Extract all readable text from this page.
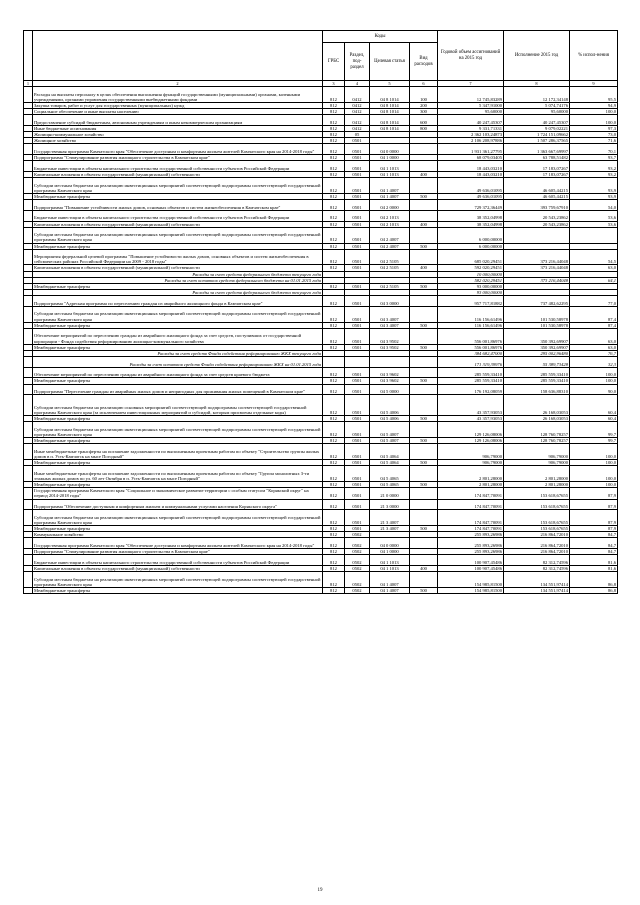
		Коды				Годовой объем ассигнований на 2015 год	Исполнение 2015 год	% испол-нения
		ГРБС	Раздел, под-раздел	Целевая статья	Вид расходов			
1	2	3	4	5	6	7	8	9
	Расходы на выплаты персоналу в целях обеспечения выполнения функций государственными (муниципальными) органами, казенными учреждениями, органами управления государственными внебюджетными фондами	812	0412	04 8 1014	100	12 745,83289	12 172,34148	95,5
	Закупка товаров, работ и услуг для государственных (муниципальных) нужд	812	0412	04 8 1014	200	5 347,91000	5 074,74176	94,9
	Социальное обеспечение и иные выплаты населению	812	0412	04 8 1014	300	95,60000	95,60000	100,0
	Предоставление субсидий бюджетным, автономным учреждениям и иным некоммерческим организациям	812	0412	04 8 1014	600	40 247,45307	40 247,45307	100,0
	Иные бюджетные ассигнования	812	0412	04 8 1014	800	9 331,71331	9 079,02221	97,3
	Жилищно-коммунальное хозяйство	812	05			2 362 103,24873	1 724 151,09662	73,0
	Жилищное хозяйство	812	0501			2 106 208,97886	1 507 286,37565	71,6
	Государственная программа Камчатского края "Обеспечение доступным и комфортным жильем жителей Камчатского края на 2014-2018 годы"	812	0501	04 0 0000		1 931 361,27795	1 363 667,69997	70,1
	Подпрограмма "Стимулирование развития жилищного строительства в Камчатском крае"	812	0501	04 1 0000		68 079,03405	63 788,51482	93,7
	Бюджетные инвестиции в объекты капитального строительства государственной собственности субъектов Российской Федерации	812	0501	04 1 1013		18 443,03210	17 183,07267	93,2
	Капитальные вложения в объекты государственной (муниципальной) собственности	812	0501	04 1 1013	400	18 443,03210	17 183,07267	93,2
	Субсидии местным бюджетам на реализацию инвестиционных мероприятий соответствующей подпрограммы соответствующей государственной программы Камчатского края	812	0501	04 1 4007		49 636,01095	46 605,44215	93,9
	Межбюджетные трансферты	812	0501	04 1 4007	500	49 636,01095	46 605,44215	93,9
	Подпрограмма "Повышение устойчивости жилых домов, основных объектов и систем жизнеобеспечения в Камчатском крае"	812	0501	04 2 0000		729 372,36449	393 759,67910	54,0
	Бюджетные инвестиции в объекты капитального строительства государственной собственности субъектов Российской Федерации	812	0501	04 2 1013		38 352,04998	20 543,23862	53,6
	Капитальные вложения в объекты государственной (муниципальной) собственности	812	0501	04 2 1013	400	38 352,04998	20 543,23862	53,6
	Субсидии местным бюджетам на реализацию инвестиционных мероприятий соответствующей подпрограммы соответствующей государственной программы Камчатского края	812	0501	04 2 4007		6 000,00000		
	Межбюджетные трансферты	812	0501	04 2 4007	500	6 000,00000		
	Мероприятия федеральной целевой программы "Повышение устойчивости жилых домов, основных объектов и систем жизнеобеспечения в сейсмических районах Российской Федерации на 2009 - 2018 годы"	812	0501	04 2 5105		685 020,29451	373 216,44048	54,5
	Капитальные вложения в объекты государственной (муниципальной) собственности	812	0501	04 2 5105	400	592 020,29451	373 216,44048	63,0
	Расходы за счет средств федерального бюджета текущего года					10 000,00000		
	Расходы за счет остатков средств федерального бюджета на 01.01.2015 года					582 020,29451	373 216,44048	64,1
	Межбюджетные трансферты	812	0501	04 2 5105	500	93 000,00000		
	Расходы за счет средств федерального бюджета текущего года					93 000,00000		
	Подпрограмма "Адресная программа по переселению граждан из аварийного жилищного фонда в Камчатском крае"	812	0501	04 3 0000		957 717,81882	737 482,62295	77,0
	Субсидии местным бюджетам на реализацию инвестиционных мероприятий соответствующей подпрограммы соответствующей государственной программы Камчатского края	812	0501	04 3 4007		116 156,61496	101 530,58978	87,4
	Межбюджетные трансферты	812	0501	04 3 4007	500	116 156,61496	101 530,58978	87,4
	Обеспечение мероприятий по переселению граждан из аварийного жилищного фонда за счет средств, поступивших от государственной корпорации - Фонда содействия реформированию жилищно-коммунального хозяйства	812	0501	04 3 9502		556 001,86976	350 392,69907	63,0
	Межбюджетные трансферты	812	0501	04 3 9502	500	556 001,86976	350 392,69907	63,0
	Расходы за счет средств Фонда содействия реформированию ЖКХ текущего года					384 682,47000	295 002,96480	76,7
	Расходы за счет остатков средств Фонда содействия реформированию ЖКХ на 01.01.2015 года					171 319,39976	55 389,73428	32,3
	Обеспечение мероприятий по переселению граждан из аварийного жилищного фонда за счет средств краевого бюджета	812	0501	04 3 9602		285 559,33410	285 559,33410	100,0
	Межбюджетные трансферты	812	0501	04 3 9602	500	285 559,33410	285 559,33410	100,0
	Подпрограмма "Переселение граждан из аварийных жилых домов и непригодных для проживания жилых помещений в Камчатском крае"	812	0501	04 5 0000		176 192,08059	158 636,88310	90,0
	Субсидии местным бюджетам на реализацию основных мероприятий соответствующей подпрограммы соответствующей государственной программы Камчатского края (за исключением инвестиционных мероприятий и субсидий, которым присвоены отдельные коды)	812	0501	04 5 4006		43 357,93053	26 168,03053	60,4
	Межбюджетные трансферты	812	0501	04 5 4006	500	43 357,93053	26 168,03053	60,4
	Субсидии местным бюджетам на реализацию инвестиционных мероприятий соответствующей подпрограммы соответствующей государственной программы Камчатского края	812	0501	04 5 4007		129 126,08006	128 760,78257	99,7
	Межбюджетные трансферты	812	0501	04 5 4007	500	129 126,08006	128 760,78257	99,7
	Иные межбюджетные трансферты на погашение задолженности по выполненным проектным работам по объекту "Строительство группы жилых домов в п. Усть-Камчатск на мысе Погодный"	812	0501	04 5 4064		906,79000	906,79000	100,0
	Межбюджетные трансферты	812	0501	04 5 4064	500	906,79000	906,79000	100,0
	Иные межбюджетные трансферты на погашение задолженности по выполненным проектным работам по объекту "Группа монолитных 3-ти этажных жилых домов по ул. 60 лет Октября в п. Усть-Камчатск на мысе Погодный"	812	0501	04 5 4065		2 801,28000	2 801,28000	100,0
	Межбюджетные трансферты	812	0501	04 5 4065	500	2 801,28000	2 801,28000	100,0
	Государственная программа Камчатского края "Социальное и экономическое развитие территории с особым статусом "Корякский округ" на период 2014-2018 годы"	812	0501	21 0 0000		174 847,70091	153 618,67655	87,9
	Подпрограмма "Обеспечение доступным и комфортным жильем и коммунальными услугами населения Корякского округа"	812	0501	21 3 0000		174 847,70091	153 618,67655	87,9
	Субсидии местным бюджетам на реализацию инвестиционных мероприятий соответствующей подпрограммы соответствующей государственной программы Камчатского края	812	0501	21 3 4007		174 847,70091	153 618,67655	87,9
	Межбюджетные трансферты	812	0501	21 3 4007	500	174 847,70091	153 618,67655	87,9
	Коммунальное хозяйство	812	0502			255 893,26986	216 864,72010	84,7
	Государственная программа Камчатского края "Обеспечение доступным и комфортным жильем жителей Камчатского края на 2014-2018 годы"	812	0502	04 0 0000		255 893,26986	216 864,72010	84,7
	Подпрограмма "Стимулирование развития жилищного строительства в Камчатском крае"	812	0502	04 1 0000		255 893,26986	216 864,72010	84,7
	Бюджетные инвестиции в объекты капитального строительства государственной собственности субъектов Российской Федерации	812	0502	04 1 1013		100 907,45486	82 312,74596	81,6
	Капитальные вложения в объекты государственной (муниципальной) собственности	812	0502	04 1 1013	400	100 907,45486	82 312,74596	81,6
	Субсидии местным бюджетам на реализацию инвестиционных мероприятий соответствующей подпрограммы соответствующей государственной программы Камчатского края	812	0502	04 1 4007		154 985,81500	134 551,97414	86,8
	Межбюджетные трансферты	812	0502	04 1 4007	500	154 985,81500	134 551,97414	86,8
19
